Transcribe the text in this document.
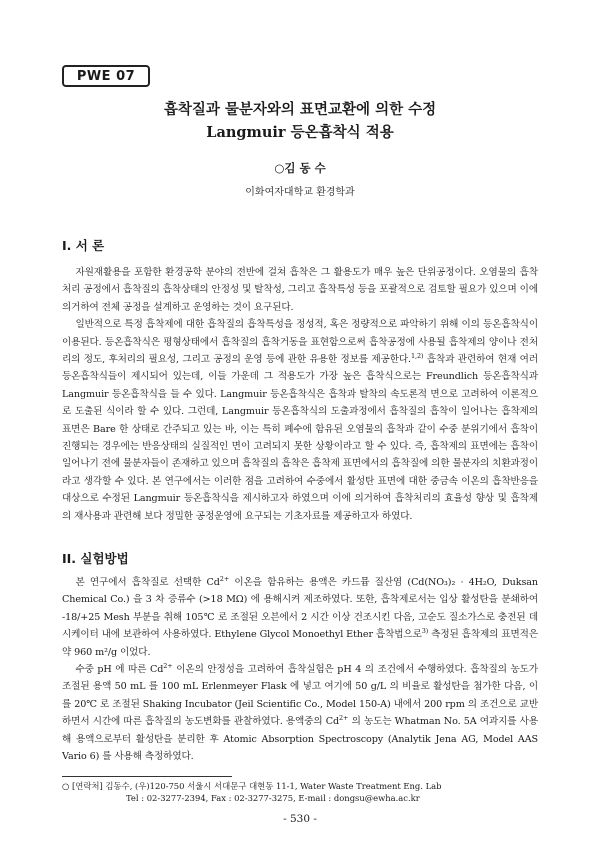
PWE 07
흡착질과 물분자와의 표면교환에 의한 수정
Langmuir 등온흡착식 적용
○김 동 수
이화여자대학교 환경학과
I. 서 론

자원재활용을 포함한 환경공학 분야의 전반에 걸쳐 흡착은 그 활용도가 매우 높은 단위공정이다. 오염물의 흡착처리 공정에서 흡착질의 흡착상태의 안정성 및 탈착성, 그리고 흡착특성 등을 포괄적으로 검토할 필요가 있으며 이에 의거하여 전체 공정을 설계하고 운영하는 것이 요구된다.

일반적으로 특정 흡착제에 대한 흡착질의 흡착특성을 정성적, 혹은 정량적으로 파악하기 위해 이의 등온흡착식이 이용된다. 등온흡착식은 평형상태에서 흡착질의 흡착거동을 표현함으로써 흡착공정에 사용될 흡착제의 양이나 전처리의 정도, 후처리의 필요성, 그리고 공정의 운영 등에 관한 유용한 정보를 제공한다.$^{1,2)}$ 흡착과 관련하여 현재 여러 등온흡착식들이 제시되어 있는데, 이들 가운데 그 적용도가 가장 높은 흡착식으로는 Freundlich 등온흡착식과 Langmuir 등온흡착식을 들 수 있다. Langmuir 등온흡착식은 흡착과 탈착의 속도론적 면으로 고려하여 이론적으로 도출된 식이라 할 수 있다. 그런데, Langmuir 등온흡착식의 도출과정에서 흡착질의 흡착이 일어나는 흡착제의 표면은 Bare 한 상태로 간주되고 있는 바, 이는 특히 폐수에 함유된 오염물의 흡착과 같이 수중 분위기에서 흡착이 진행되는 경우에는 반응상태의 실질적인 면이 고려되지 못한 상황이라고 할 수 있다. 즉, 흡착제의 표면에는 흡착이 일어나기 전에 물분자들이 존재하고 있으며 흡착질의 흡착은 흡착제 표면에서의 흡착질에 의한 물분자의 치환과정이라고 생각할 수 있다. 본 연구에서는 이러한 점을 고려하여 수중에서 활성탄 표면에 대한 중금속 이온의 흡착반응을 대상으로 수정된 Langmuir 등온흡착식을 제시하고자 하였으며 이에 의거하여 흡착처리의 효율성 향상 및 흡착제의 재사용과 관련해 보다 정밀한 공정운영에 요구되는 기초자료를 제공하고자 하였다.

II. 실험방법

본 연구에서 흡착질로 선택한 $Cd^{2+}$ 이온을 함유하는 용액은 카드뮴 질산염 (Cd(NO₃)₂ · 4H₂O, Duksan Chemical Co.) 을 3 차 증류수 (>18 MΩ) 에 용해시켜 제조하였다. 또한, 흡착제로서는 입상 활성탄을 분쇄하여 -18/+25 Mesh 부분을 취해 105℃ 로 조절된 오븐에서 2 시간 이상 건조시킨 다음, 고순도 질소가스로 충전된 데시케이터 내에 보관하여 사용하였다. Ethylene Glycol Monoethyl Ether 흡착법으로$^{3)}$ 측정된 흡착제의 표면적은 약 960 m²/g 이었다.

수중 pH 에 따른 $Cd^{2+}$ 이온의 안정성을 고려하여 흡착실험은 pH 4 의 조건에서 수행하였다. 흡착질의 농도가 조절된 용액 50 mL 를 100 mL Erlenmeyer Flask 에 넣고 여기에 50 g/L 의 비율로 활성탄을 첨가한 다음, 이를 20℃ 로 조절된 Shaking Incubator (Jeil Scientific Co., Model 150-A) 내에서 200 rpm 의 조건으로 교반하면서 시간에 따른 흡착질의 농도변화를 관찰하였다. 용액중의 $Cd^{2+}$ 의 농도는 Whatman No. 5A 여과지를 사용해 용액으로부터 활성탄을 분리한 후 Atomic Absorption Spectroscopy (Analytik Jena AG, Model AAS Vario 6) 를 사용해 측정하였다.

○ [연락처] 김동수, (우)120-750 서울시 서대문구 대현동 11-1, Water Waste Treatment Eng. Lab
Tel : 02-3277-2394, Fax : 02-3277-3275, E-mail : dongsu@ewha.ac.kr
- 530 -
